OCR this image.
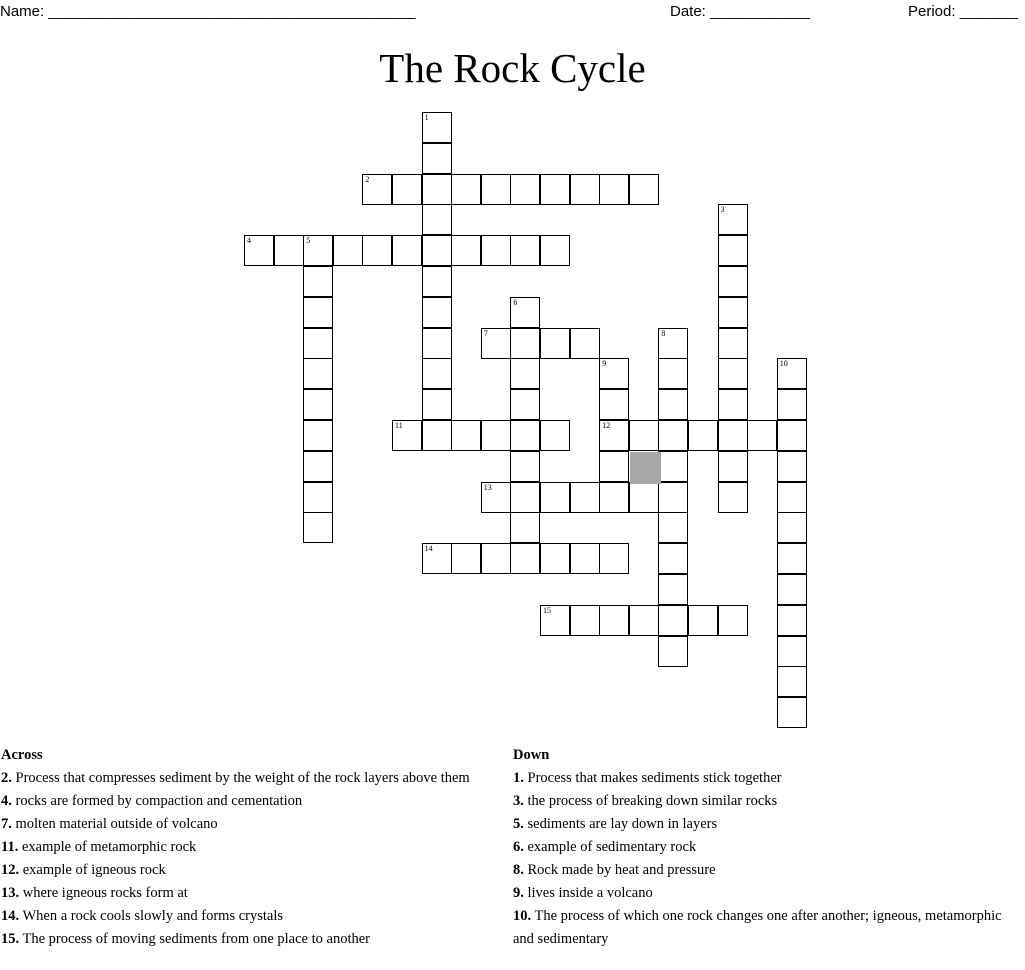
Name: ____________________________________________	Date: ____________	Period: _______
The Rock Cycle
1
2
3
4	5
6
7	8
9
12
10
11
13
14
15
Across
2. Process that compresses sediment by the weight of the rock layers above them
4. rocks are formed by compaction and cementation
7. molten material outside of volcano
11. example of metamorphic rock
12. example of igneous rock
13. where igneous rocks form at
14. When a rock cools slowly and forms crystals
15. The process of moving sediments from one place to another
Down
1. Process that makes sediments stick together
3. the process of breaking down similar rocks
5. sediments are lay down in layers
6. example of sedimentary rock
8. Rock made by heat and pressure
9. lives inside a volcano
10. The process of which one rock changes one after another; igneous, metamorphic and sedimentary
